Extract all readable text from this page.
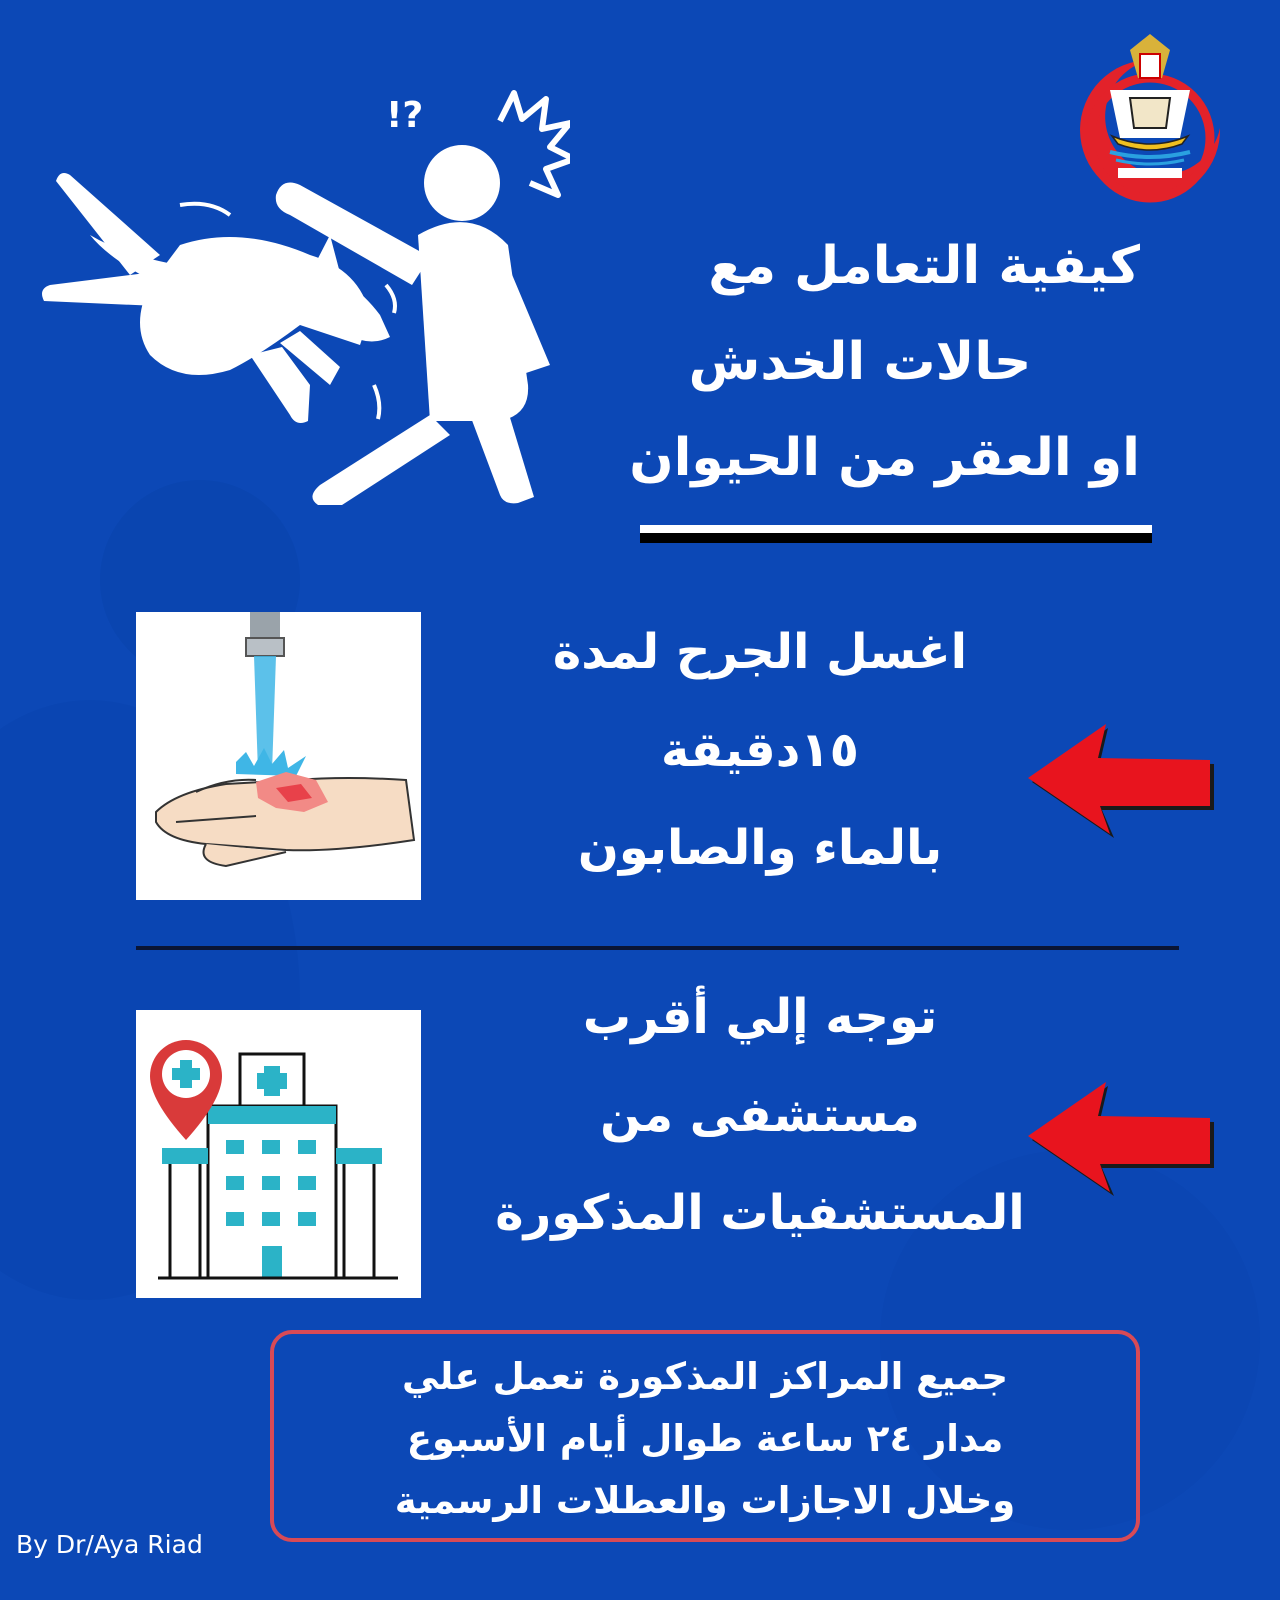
!?
كيفية التعامل مع
حالات الخدش
او العقر من الحيوان
اغسل الجرح لمدة
١٥دقيقة
بالماء والصابون
توجه إلي أقرب
مستشفى من
المستشفيات المذكورة
جميع المراكز المذكورة تعمل علي
مدار ٢٤ ساعة طوال أيام الأسبوع
وخلال الاجازات والعطلات الرسمية
By Dr/Aya Riad
